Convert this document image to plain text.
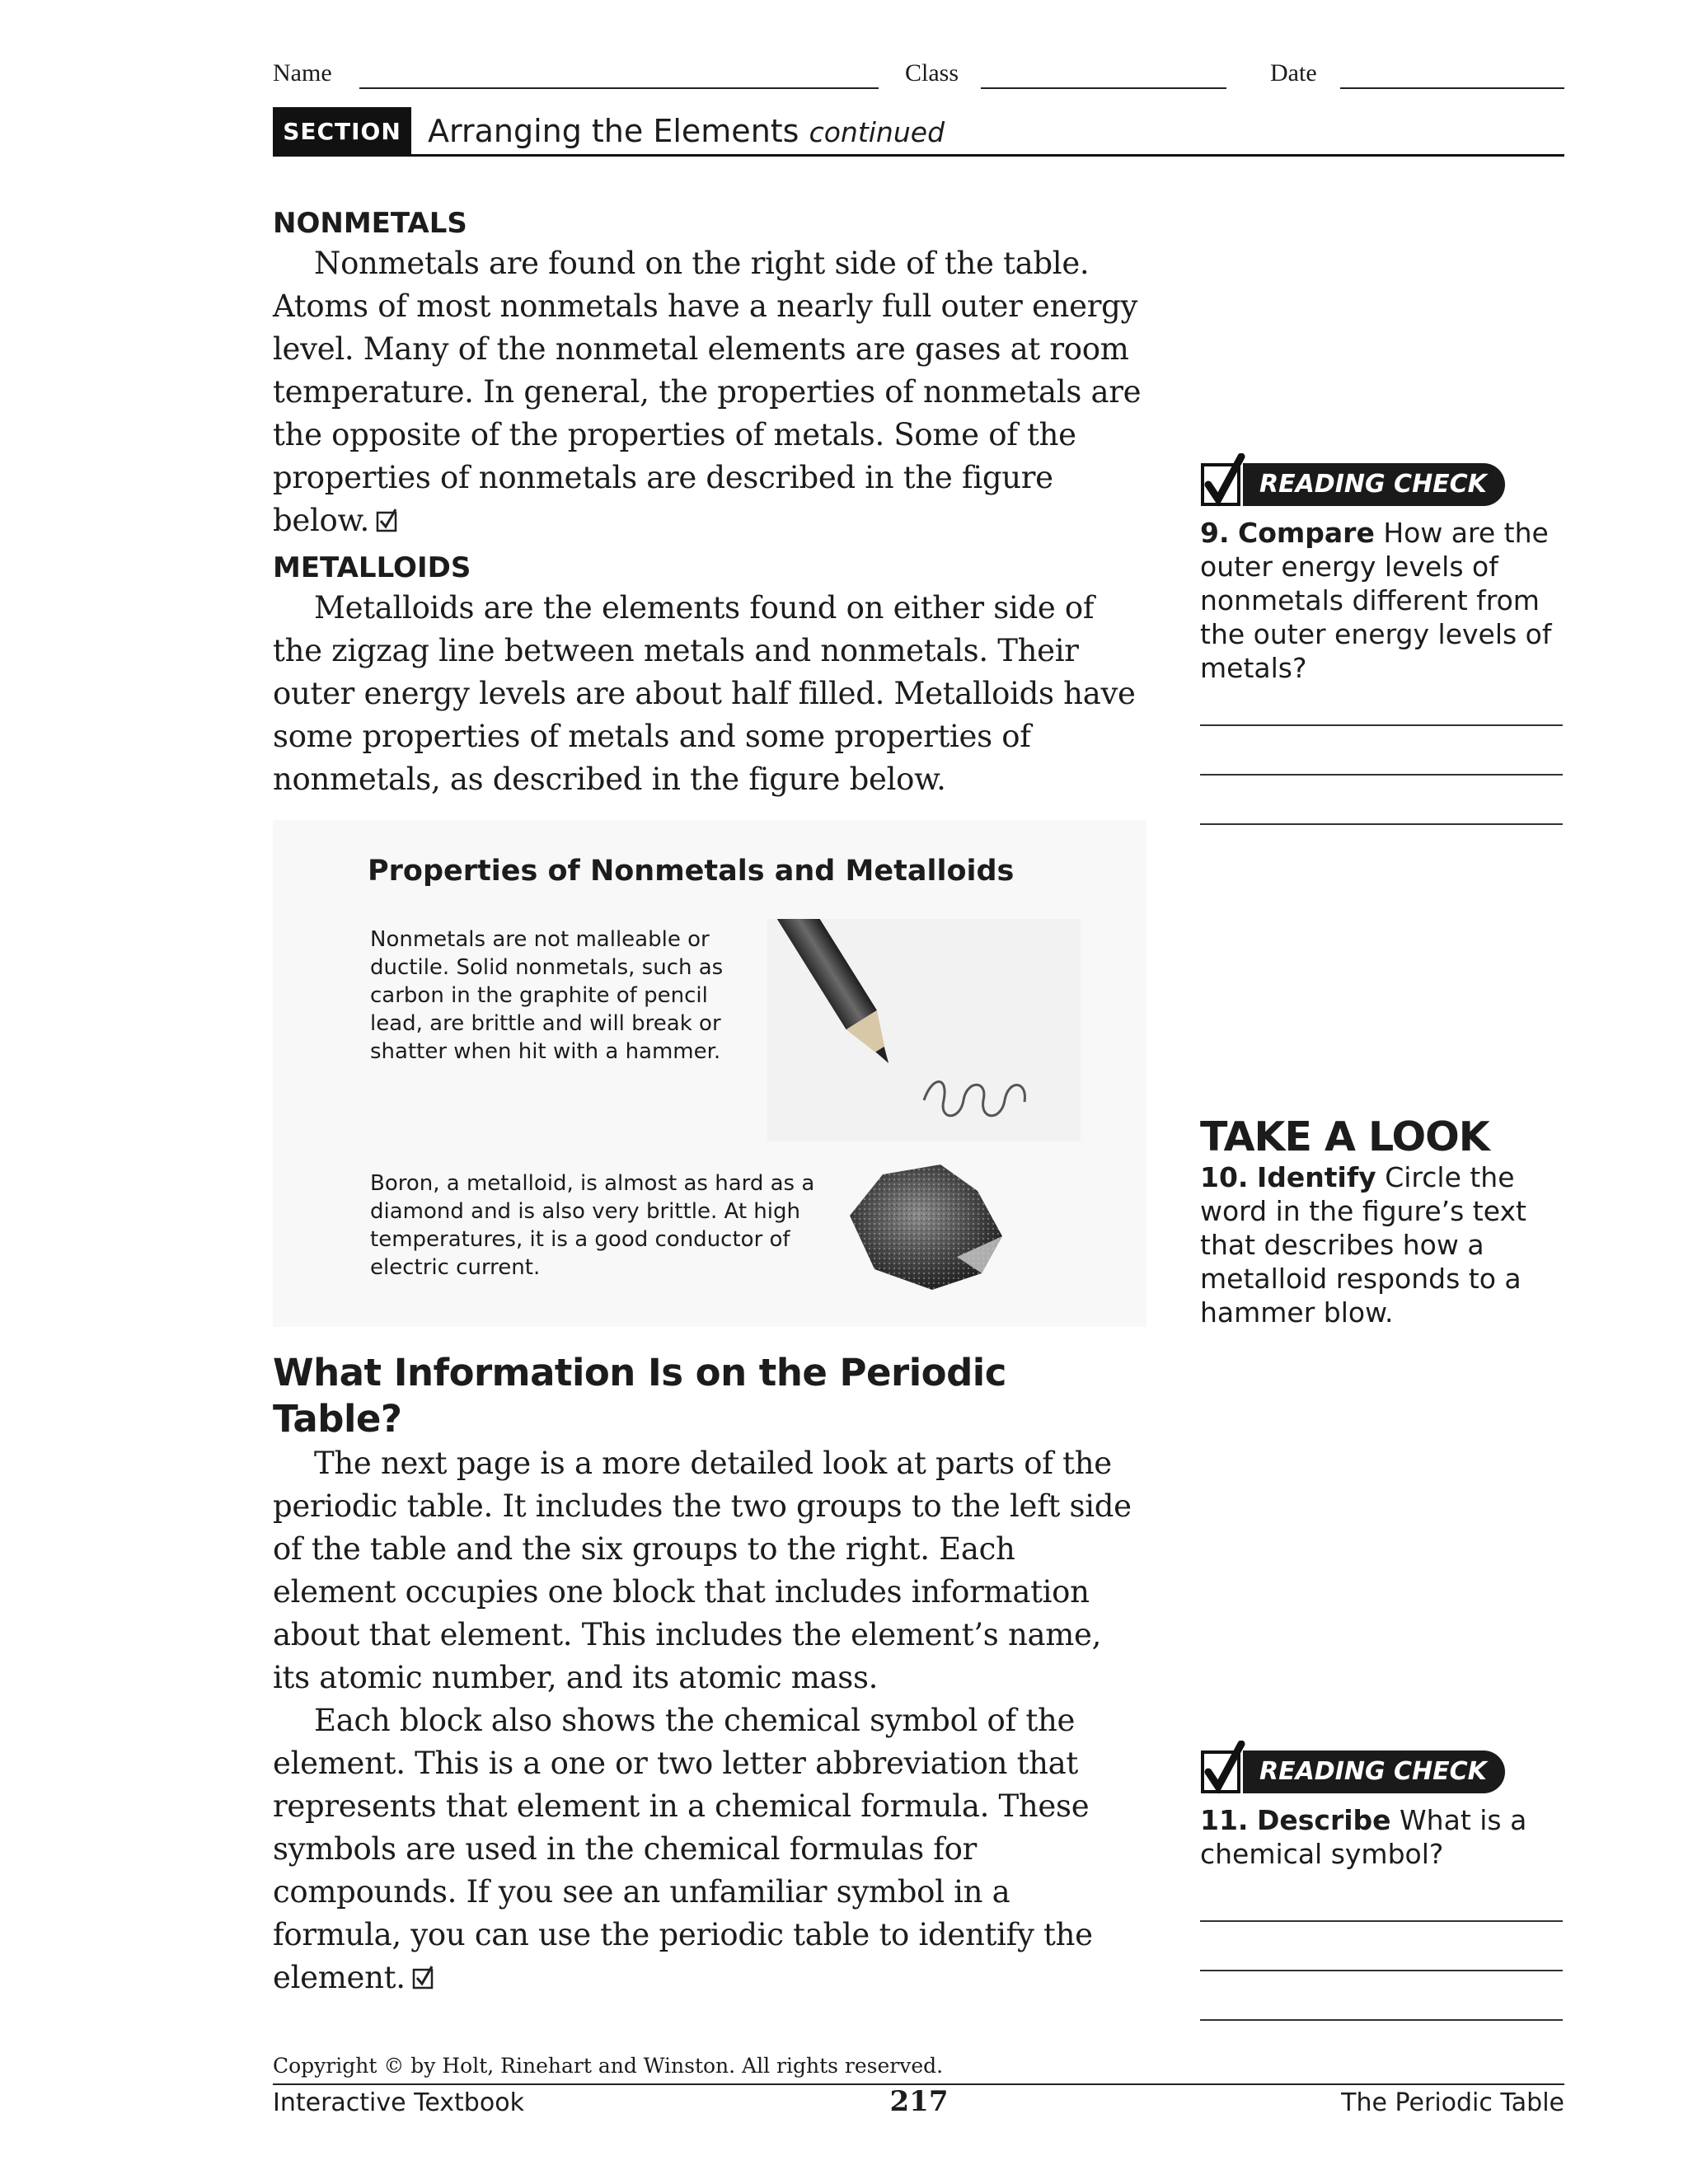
Name	Class	Date
SECTION 1
Arranging the Elements continued
NONMETALS

Nonmetals are found on the right side of the table. Atoms of most nonmetals have a nearly full outer energy level. Many of the nonmetal elements are gases at room temperature. In general, the properties of nonmetals are the opposite of the properties of metals. Some of the properties of nonmetals are described in the figure below.

METALLOIDS

Metalloids are the elements found on either side of the zigzag line between metals and nonmetals. Their outer energy levels are about half filled. Metalloids have some properties of metals and some properties of nonmetals, as described in the figure below.

Properties of Nonmetals and Metalloids
Nonmetals are not malleable or ductile. Solid nonmetals, such as carbon in the graphite of pencil lead, are brittle and will break or shatter when hit with a hammer.
Boron, a metalloid, is almost as hard as a diamond and is also very brittle. At high temperatures, it is a good conductor of electric current.
What Information Is on the Periodic Table?

The next page is a more detailed look at parts of the periodic table. It includes the two groups to the left side of the table and the six groups to the right. Each element occupies one block that includes information about that element. This includes the element’s name, its atomic number, and its atomic mass.

Each block also shows the chemical symbol of the element. This is a one or two letter abbreviation that represents that element in a chemical formula. These symbols are used in the chemical formulas for compounds. If you see an unfamiliar symbol in a formula, you can use the periodic table to identify the element.

READING CHECK
9. Compare How are the outer energy levels of nonmetals different from the outer energy levels of metals?
TAKE A LOOK
10. Identify Circle the word in the figure’s text that describes how a metalloid responds to a hammer blow.
READING CHECK
11. Describe What is a chemical symbol?
Copyright © by Holt, Rinehart and Winston. All rights reserved.
Interactive Textbook	217	The Periodic Table
